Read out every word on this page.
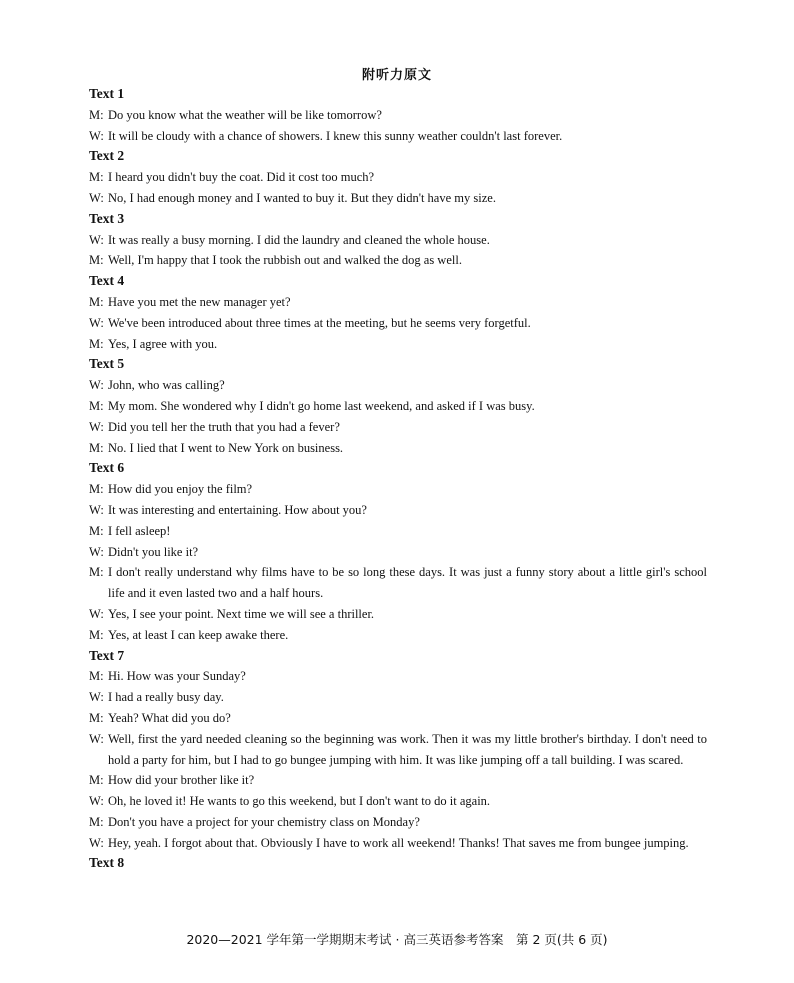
附听力原文
Text 1
M: Do you know what the weather will be like tomorrow?
W: It will be cloudy with a chance of showers. I knew this sunny weather couldn't last forever.
Text 2
M: I heard you didn't buy the coat. Did it cost too much?
W: No, I had enough money and I wanted to buy it. But they didn't have my size.
Text 3
W: It was really a busy morning. I did the laundry and cleaned the whole house.
M: Well, I'm happy that I took the rubbish out and walked the dog as well.
Text 4
M: Have you met the new manager yet?
W: We've been introduced about three times at the meeting, but he seems very forgetful.
M: Yes, I agree with you.
Text 5
W: John, who was calling?
M: My mom. She wondered why I didn't go home last weekend, and asked if I was busy.
W: Did you tell her the truth that you had a fever?
M: No. I lied that I went to New York on business.
Text 6
M: How did you enjoy the film?
W: It was interesting and entertaining. How about you?
M: I fell asleep!
W: Didn't you like it?
M: I don't really understand why films have to be so long these days. It was just a funny story about a little girl's school life and it even lasted two and a half hours.
W: Yes, I see your point. Next time we will see a thriller.
M: Yes, at least I can keep awake there.
Text 7
M: Hi. How was your Sunday?
W: I had a really busy day.
M: Yeah? What did you do?
W: Well, first the yard needed cleaning so the beginning was work. Then it was my little brother's birthday. I don't need to hold a party for him, but I had to go bungee jumping with him. It was like jumping off a tall building. I was scared.
M: How did your brother like it?
W: Oh, he loved it! He wants to go this weekend, but I don't want to do it again.
M: Don't you have a project for your chemistry class on Monday?
W: Hey, yeah. I forgot about that. Obviously I have to work all weekend! Thanks! That saves me from bungee jumping.
Text 8
2020—2021 学年第一学期期末考试 · 高三英语参考答案　第 2 页(共 6 页)
